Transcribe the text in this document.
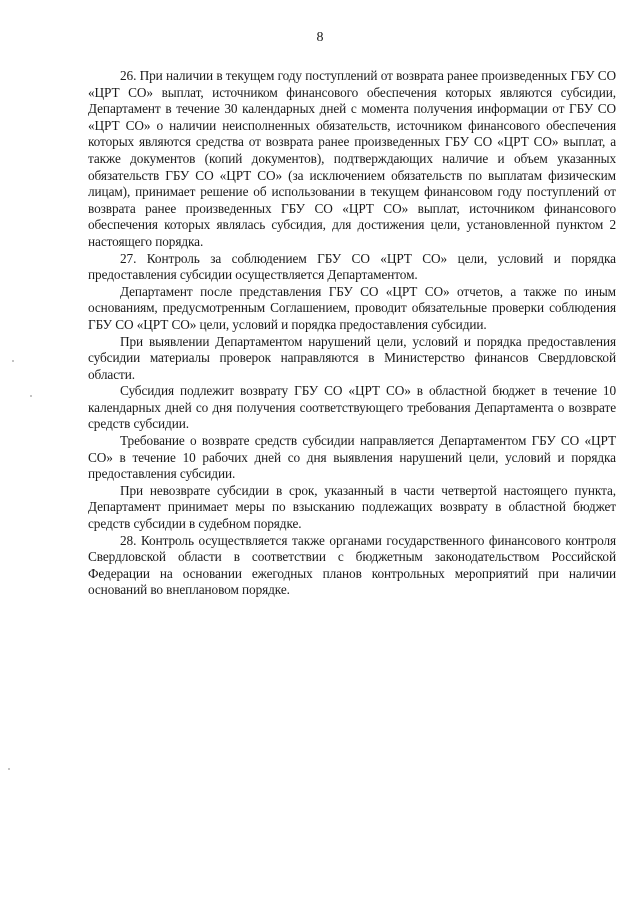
8

26. При наличии в текущем году поступлений от возврата ранее произведенных ГБУ СО «ЦРТ СО» выплат, источником финансового обеспечения которых являются субсидии, Департамент в течение 30 календарных дней с момента получения информации от ГБУ СО «ЦРТ СО» о наличии неисполненных обязательств, источником финансового обеспечения которых являются средства от возврата ранее произведенных ГБУ СО «ЦРТ СО» выплат, а также документов (копий документов), подтверждающих наличие и объем указанных обязательств ГБУ СО «ЦРТ СО» (за исключением обязательств по выплатам физическим лицам), принимает решение об использовании в текущем финансовом году поступлений от возврата ранее произведенных ГБУ СО «ЦРТ СО» выплат, источником финансового обеспечения которых являлась субсидия, для достижения цели, установленной пунктом 2 настоящего порядка.

27. Контроль за соблюдением ГБУ СО «ЦРТ СО» цели, условий и порядка предоставления субсидии осуществляется Департаментом.

Департамент после представления ГБУ СО «ЦРТ СО» отчетов, а также по иным основаниям, предусмотренным Соглашением, проводит обязательные проверки соблюдения ГБУ СО «ЦРТ СО» цели, условий и порядка предоставления субсидии.

При выявлении Департаментом нарушений цели, условий и порядка предоставления субсидии материалы проверок направляются в Министерство финансов Свердловской области.

Субсидия подлежит возврату ГБУ СО «ЦРТ СО» в областной бюджет в течение 10 календарных дней со дня получения соответствующего требования Департамента о возврате средств субсидии.

Требование о возврате средств субсидии направляется Департаментом ГБУ СО «ЦРТ СО» в течение 10 рабочих дней со дня выявления нарушений цели, условий и порядка предоставления субсидии.

При невозврате субсидии в срок, указанный в части четвертой настоящего пункта, Департамент принимает меры по взысканию подлежащих возврату в областной бюджет средств субсидии в судебном порядке.

28. Контроль осуществляется также органами государственного финансового контроля Свердловской области в соответствии с бюджетным законодательством Российской Федерации на основании ежегодных планов контрольных мероприятий при наличии оснований во внеплановом порядке.
